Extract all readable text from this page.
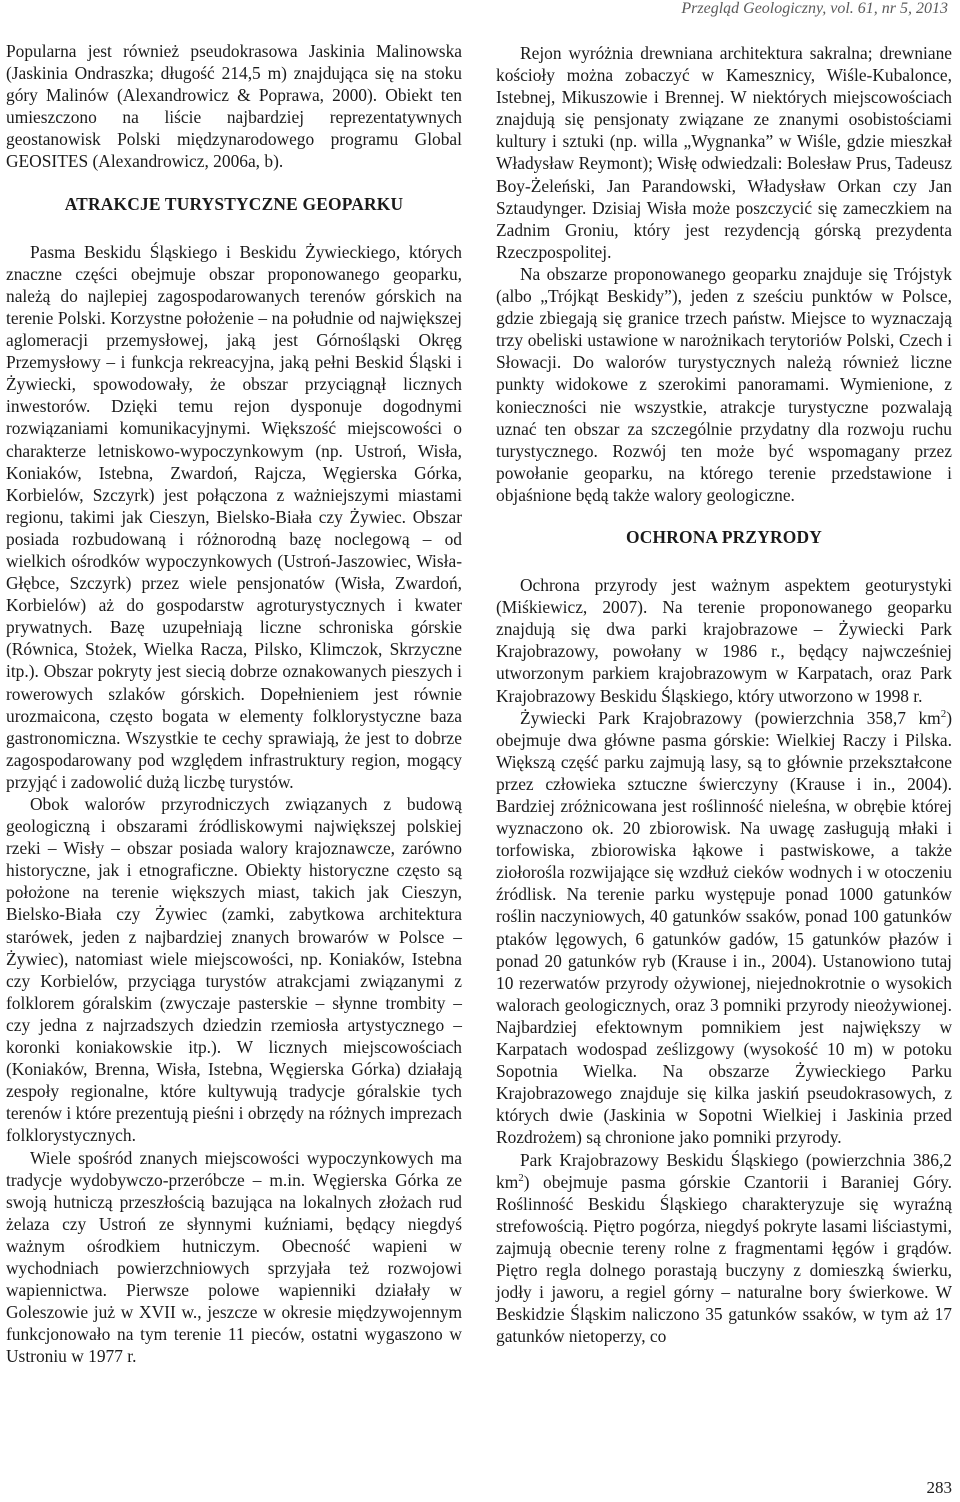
Przegląd Geologiczny, vol. 61, nr 5, 2013

Popularna jest również pseudokrasowa Jaskinia Malinowska (Jaskinia Ondraszka; długość 214,5 m) znajdująca się na stoku góry Malinów (Alexandrowicz & Poprawa, 2000). Obiekt ten umieszczono na liście najbardziej reprezentatywnych geostanowisk Polski międzynarodowego programu Global GEOSITES (Alexandrowicz, 2006a, b).

ATRAKCJE TURYSTYCZNE GEOPARKU

Pasma Beskidu Śląskiego i Beskidu Żywieckiego, których znaczne części obejmuje obszar proponowanego geoparku, należą do najlepiej zagospodarowanych terenów górskich na terenie Polski. Korzystne położenie – na południe od największej aglomeracji przemysłowej, jaką jest Górnośląski Okręg Przemysłowy – i funkcja rekreacyjna, jaką pełni Beskid Śląski i Żywiecki, spowodowały, że obszar przyciągnął licznych inwestorów. Dzięki temu rejon dysponuje dogodnymi rozwiązaniami komunikacyjnymi. Większość miejscowości o charakterze letniskowo-wypoczynkowym (np. Ustroń, Wisła, Koniaków, Istebna, Zwardoń, Rajcza, Węgierska Górka, Korbielów, Szczyrk) jest połączona z ważniejszymi miastami regionu, takimi jak Cieszyn, Bielsko-Biała czy Żywiec. Obszar posiada rozbudowaną i różnorodną bazę noclegową – od wielkich ośrodków wypoczynkowych (Ustroń-Jaszowiec, Wisła-Głębce, Szczyrk) przez wiele pensjonatów (Wisła, Zwardoń, Korbielów) aż do gospodarstw agroturystycznych i kwater prywatnych. Bazę uzupełniają liczne schroniska górskie (Równica, Stożek, Wielka Racza, Pilsko, Klimczok, Skrzyczne itp.). Obszar pokryty jest siecią dobrze oznakowanych pieszych i rowerowych szlaków górskich. Dopełnieniem jest równie urozmaicona, często bogata w elementy folklorystyczne baza gastronomiczna. Wszystkie te cechy sprawiają, że jest to dobrze zagospodarowany pod względem infrastruktury region, mogący przyjąć i zadowolić dużą liczbę turystów.

Obok walorów przyrodniczych związanych z budową geologiczną i obszarami źródliskowymi największej polskiej rzeki – Wisły – obszar posiada walory krajoznawcze, zarówno historyczne, jak i etnograficzne. Obiekty historyczne często są położone na terenie większych miast, takich jak Cieszyn, Bielsko-Biała czy Żywiec (zamki, zabytkowa architektura starówek, jeden z najbardziej znanych browarów w Polsce – Żywiec), natomiast wiele miejscowości, np. Koniaków, Istebna czy Korbielów, przyciąga turystów atrakcjami związanymi z folklorem góralskim (zwyczaje pasterskie – słynne trombity – czy jedna z najrzadszych dziedzin rzemiosła artystycznego – koronki koniakowskie itp.). W licznych miejscowościach (Koniaków, Brenna, Wisła, Istebna, Węgierska Górka) działają zespoły regionalne, które kultywują tradycje góralskie tych terenów i które prezentują pieśni i obrzędy na różnych imprezach folklorystycznych.

Wiele spośród znanych miejscowości wypoczynkowych ma tradycje wydobywczo-przeróbcze – m.in. Węgierska Górka ze swoją hutniczą przeszłością bazująca na lokalnych złożach rud żelaza czy Ustroń ze słynnymi kuźniami, będący niegdyś ważnym ośrodkiem hutniczym. Obecność wapieni w wychodniach powierzchniowych sprzyjała też rozwojowi wapiennictwa. Pierwsze polowe wapienniki działały w Goleszowie już w XVII w., jeszcze w okresie międzywojennym funkcjonowało na tym terenie 11 pieców, ostatni wygaszono w Ustroniu w 1977 r.

Rejon wyróżnia drewniana architektura sakralna; drewniane kościoły można zobaczyć w Kamesznicy, Wiśle-Kubalonce, Istebnej, Mikuszowie i Brennej. W niektórych miejscowościach znajdują się pensjonaty związane ze znanymi osobistościami kultury i sztuki (np. willa „Wygnanka” w Wiśle, gdzie mieszkał Władysław Reymont); Wisłę odwiedzali: Bolesław Prus, Tadeusz Boy-Żeleński, Jan Parandowski, Władysław Orkan czy Jan Sztaudynger. Dzisiaj Wisła może poszczycić się zameczkiem na Zadnim Groniu, który jest rezydencją górską prezydenta Rzeczpospolitej.

Na obszarze proponowanego geoparku znajduje się Trójstyk (albo „Trójkąt Beskidy”), jeden z sześciu punktów w Polsce, gdzie zbiegają się granice trzech państw. Miejsce to wyznaczają trzy obeliski ustawione w narożnikach terytoriów Polski, Czech i Słowacji. Do walorów turystycznych należą również liczne punkty widokowe z szerokimi panoramami. Wymienione, z konieczności nie wszystkie, atrakcje turystyczne pozwalają uznać ten obszar za szczególnie przydatny dla rozwoju ruchu turystycznego. Rozwój ten może być wspomagany przez powołanie geoparku, na którego terenie przedstawione i objaśnione będą także walory geologiczne.

OCHRONA PRZYRODY

Ochrona przyrody jest ważnym aspektem geoturystyki (Miśkiewicz, 2007). Na terenie proponowanego geoparku znajdują się dwa parki krajobrazowe – Żywiecki Park Krajobrazowy, powołany w 1986 r., będący najwcześniej utworzonym parkiem krajobrazowym w Karpatach, oraz Park Krajobrazowy Beskidu Śląskiego, który utworzono w 1998 r.

Żywiecki Park Krajobrazowy (powierzchnia 358,7 $km^2$) obejmuje dwa główne pasma górskie: Wielkiej Raczy i Pilska. Większą część parku zajmują lasy, są to głównie przekształcone przez człowieka sztuczne świerczyny (Krause i in., 2004). Bardziej zróżnicowana jest roślinność nieleśna, w obrębie której wyznaczono ok. 20 zbiorowisk. Na uwagę zasługują młaki i torfowiska, zbiorowiska łąkowe i pastwiskowe, a także ziołorośla rozwijające się wzdłuż cieków wodnych i w otoczeniu źródlisk. Na terenie parku występuje ponad 1000 gatunków roślin naczyniowych, 40 gatunków ssaków, ponad 100 gatunków ptaków lęgowych, 6 gatunków gadów, 15 gatunków płazów i ponad 20 gatunków ryb (Krause i in., 2004). Ustanowiono tutaj 10 rezerwatów przyrody ożywionej, niejednokrotnie o wysokich walorach geologicznych, oraz 3 pomniki przyrody nieożywionej. Najbardziej efektownym pomnikiem jest największy w Karpatach wodospad ześlizgowy (wysokość 10 m) w potoku Sopotnia Wielka. Na obszarze Żywieckiego Parku Krajobrazowego znajduje się kilka jaskiń pseudokrasowych, z których dwie (Jaskinia w Sopotni Wielkiej i Jaskinia przed Rozdrożem) są chronione jako pomniki przyrody.

Park Krajobrazowy Beskidu Śląskiego (powierzchnia 386,2 $km^2$) obejmuje pasma górskie Czantorii i Baraniej Góry. Roślinność Beskidu Śląskiego charakteryzuje się wyraźną strefowością. Piętro pogórza, niegdyś pokryte lasami liściastymi, zajmują obecnie tereny rolne z fragmentami łęgów i grądów. Piętro regla dolnego porastają buczyny z domieszką świerku, jodły i jaworu, a regiel górny – naturalne bory świerkowe. W Beskidzie Śląskim naliczono 35 gatunków ssaków, w tym aż 17 gatunków nietoperzy, co

283
